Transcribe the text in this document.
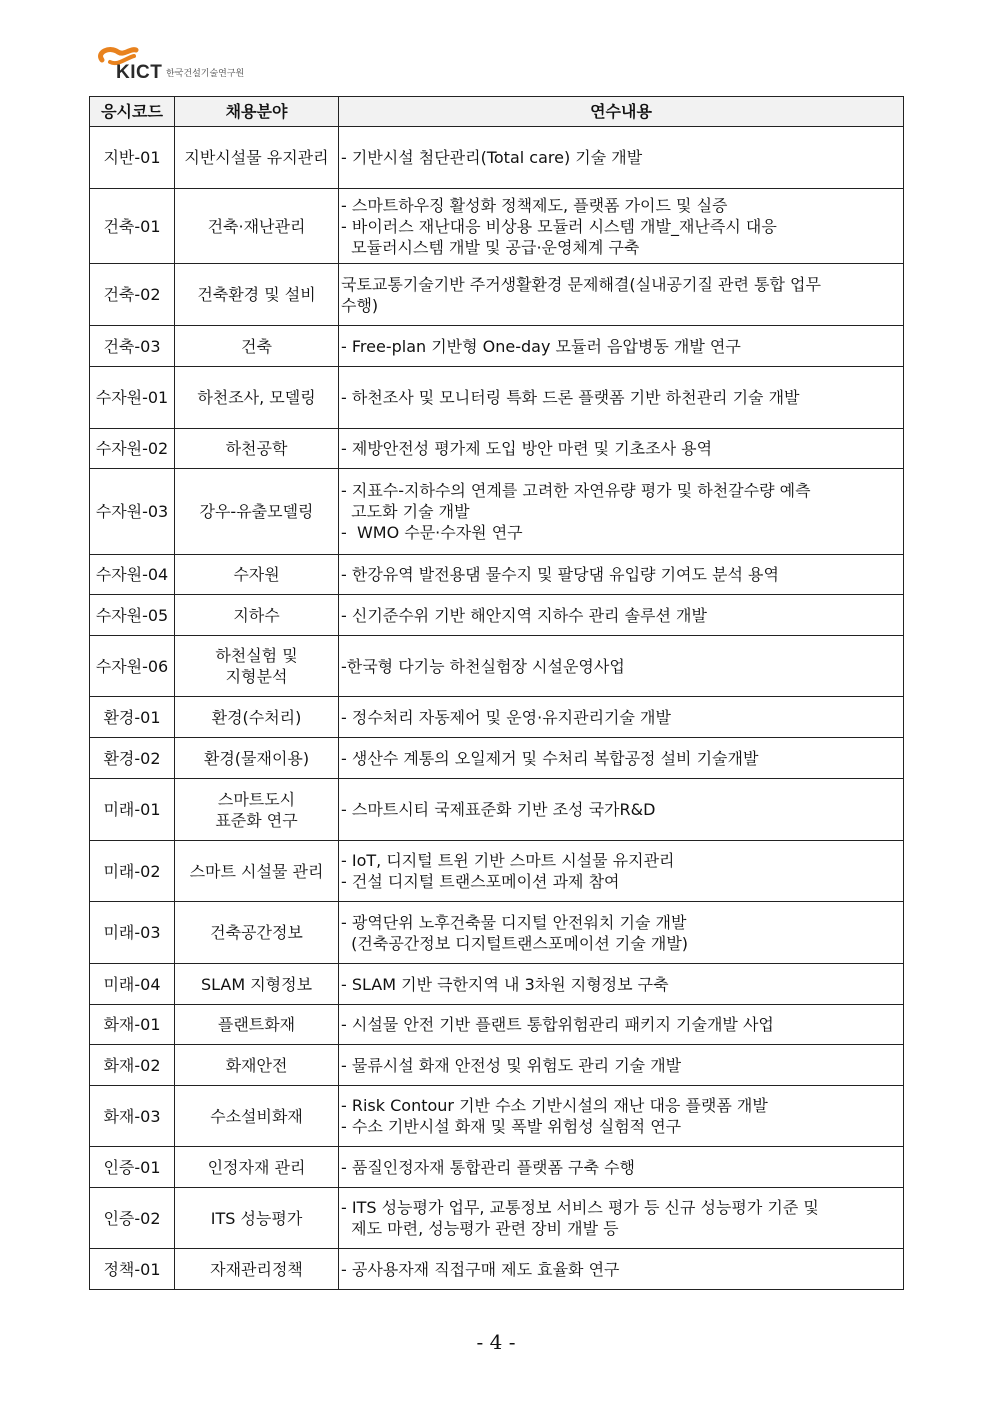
KICT 한국건설기술연구원
응시코드	채용분야	연수내용
지반-01	지반시설물 유지관리	- 기반시설 첨단관리(Total care) 기술 개발

건축-01	건축·재난관리	- 스마트하우징 활성화 정책제도, 플랫폼 가이드 및 실증
- 바이러스 재난대응 비상용 모듈러 시스템 개발_재난즉시 대응
모듈러시스템 개발 및 공급·운영체계 구축

건축-02	건축환경 및 설비	국토교통기술기반 주거생활환경 문제해결(실내공기질 관련 통합 업무
수행)

건축-03	건축	- Free-plan 기반형 One-day 모듈러 음압병동 개발 연구

수자원-01	하천조사, 모델링	- 하천조사 및 모니터링 특화 드론 플랫폼 기반 하천관리 기술 개발

수자원-02	하천공학	- 제방안전성 평가제 도입 방안 마련 및 기초조사 용역

수자원-03	강우-유출모델링	- 지표수-지하수의 연계를 고려한 자연유량 평가 및 하천갈수량 예측
고도화 기술 개발
-  WMO 수문·수자원 연구

수자원-04	수자원	- 한강유역 발전용댐 물수지 및 팔당댐 유입량 기여도 분석 용역

수자원-05	지하수	- 신기준수위 기반 해안지역 지하수 관리 솔루션 개발

수자원-06	하천실험 및
지형분석	-한국형 다기능 하천실험장 시설운영사업

환경-01	환경(수처리)	- 정수처리 자동제어 및 운영·유지관리기술 개발

환경-02	환경(물재이용)	- 생산수 계통의 오일제거 및 수처리 복합공정 설비 기술개발

미래-01	스마트도시
표준화 연구	- 스마트시티 국제표준화 기반 조성 국가R&D

미래-02	스마트 시설물 관리	- IoT, 디지털 트윈 기반 스마트 시설물 유지관리
- 건설 디지털 트랜스포메이션 과제 참여

미래-03	건축공간정보	- 광역단위 노후건축물 디지털 안전워치 기술 개발
(건축공간정보 디지털트랜스포메이션 기술 개발)

미래-04	SLAM 지형정보	- SLAM 기반 극한지역 내 3차원 지형정보 구축

화재-01	플랜트화재	- 시설물 안전 기반 플랜트 통합위험관리 패키지 기술개발 사업

화재-02	화재안전	- 물류시설 화재 안전성 및 위험도 관리 기술 개발

화재-03	수소설비화재	- Risk Contour 기반 수소 기반시설의 재난 대응 플랫폼 개발
- 수소 기반시설 화재 및 폭발 위험성 실험적 연구

인증-01	인정자재 관리	- 품질인정자재 통합관리 플랫폼 구축 수행

인증-02	ITS 성능평가	- ITS 성능평가 업무, 교통정보 서비스 평가 등 신규 성능평가 기준 및
제도 마련, 성능평가 관련 장비 개발 등

정책-01	자재관리정책	- 공사용자재 직접구매 제도 효율화 연구
- 4 -
